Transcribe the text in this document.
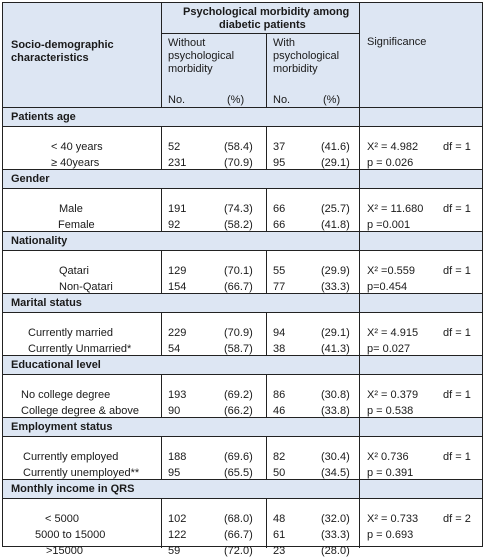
Socio-demographic
characteristics
Psychological morbidity among
diabetic patients
Without
psychological
morbidity
With
psychological
morbidity
Significance
No.	(%)	No.	(%)
Patients age
< 40 years	52	(58.4) 37	(41.6) X² = 4.982 df = 1
≥ 40years	231	(70.9) 95	(29.1) p = 0.026
Gender
Male	191	(74.3) 66	(25.7) X² = 11.680 df = 1
Female	92	(58.2) 66	(41.8) p =0.001
Nationality
Qatari	129	(70.1) 55	(29.9) X² =0.559	df = 1
Non-Qatari	154	(66.7) 77	(33.3) p=0.454
Marital status
Currently married	229	(70.9) 94	(29.1) X² = 4.915 df = 1
Currently Unmarried*	54	(58.7) 38	(41.3) p= 0.027
Educational level
No college degree	193	(69.2) 86	(30.8) X² = 0.379 df = 1
College degree & above	90	(66.2) 46	(33.8) p = 0.538
Employment status
Currently employed	188	(69.6) 82	(30.4) X² 0.736	df = 1
Currently unemployed**	95	(65.5) 50	(34.5) p = 0.391
Monthly income in QRS
< 5000	102	(68.0) 48	(32.0) X² = 0.733 df = 2
5000 to 15000	122	(66.7) 61	(33.3) p = 0.693
>15000	59	(72.0) 23	(28.0)
